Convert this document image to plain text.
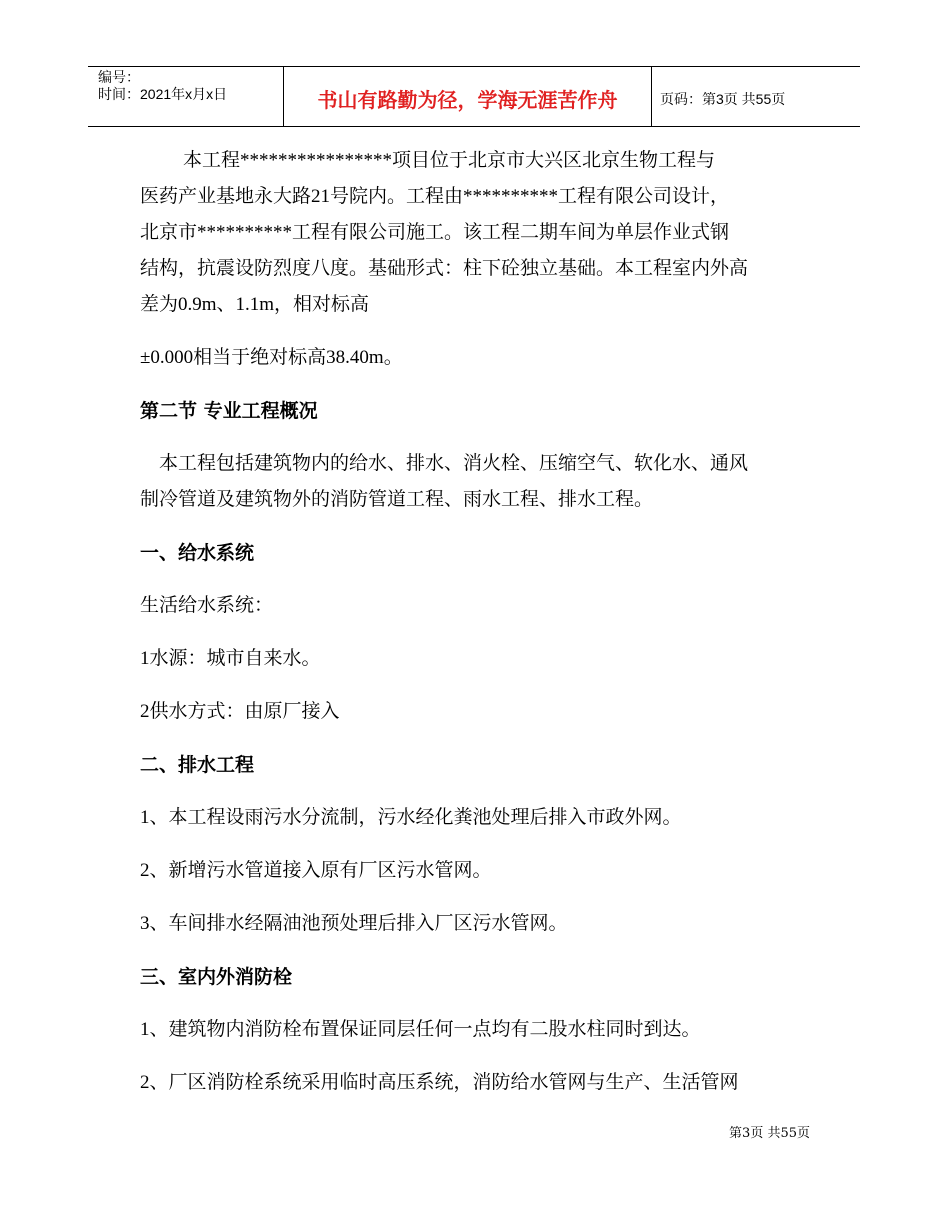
编号：
时间：2021年x月x日	书山有路勤为径，学海无涯苦作舟	页码：第3页 共55页
本工程****************项目位于北京市大兴区北京生物工程与
医药产业基地永大路21号院内。工程由**********工程有限公司设计，
北京市**********工程有限公司施工。该工程二期车间为单层作业式钢
结构，抗震设防烈度八度。基础形式：柱下砼独立基础。本工程室内外高
差为0.9m、1.1m，相对标高
±0.000相当于绝对标高38.40m。
第二节 专业工程概况
本工程包括建筑物内的给水、排水、消火栓、压缩空气、软化水、通风
制冷管道及建筑物外的消防管道工程、雨水工程、排水工程。
一、给水系统
生活给水系统：
1水源：城市自来水。
2供水方式：由原厂接入
二、排水工程
1、本工程设雨污水分流制，污水经化粪池处理后排入市政外网。
2、新增污水管道接入原有厂区污水管网。
3、车间排水经隔油池预处理后排入厂区污水管网。
三、室内外消防栓
1、建筑物内消防栓布置保证同层任何一点均有二股水柱同时到达。
2、厂区消防栓系统采用临时高压系统，消防给水管网与生产、生活管网
第3页 共55页
